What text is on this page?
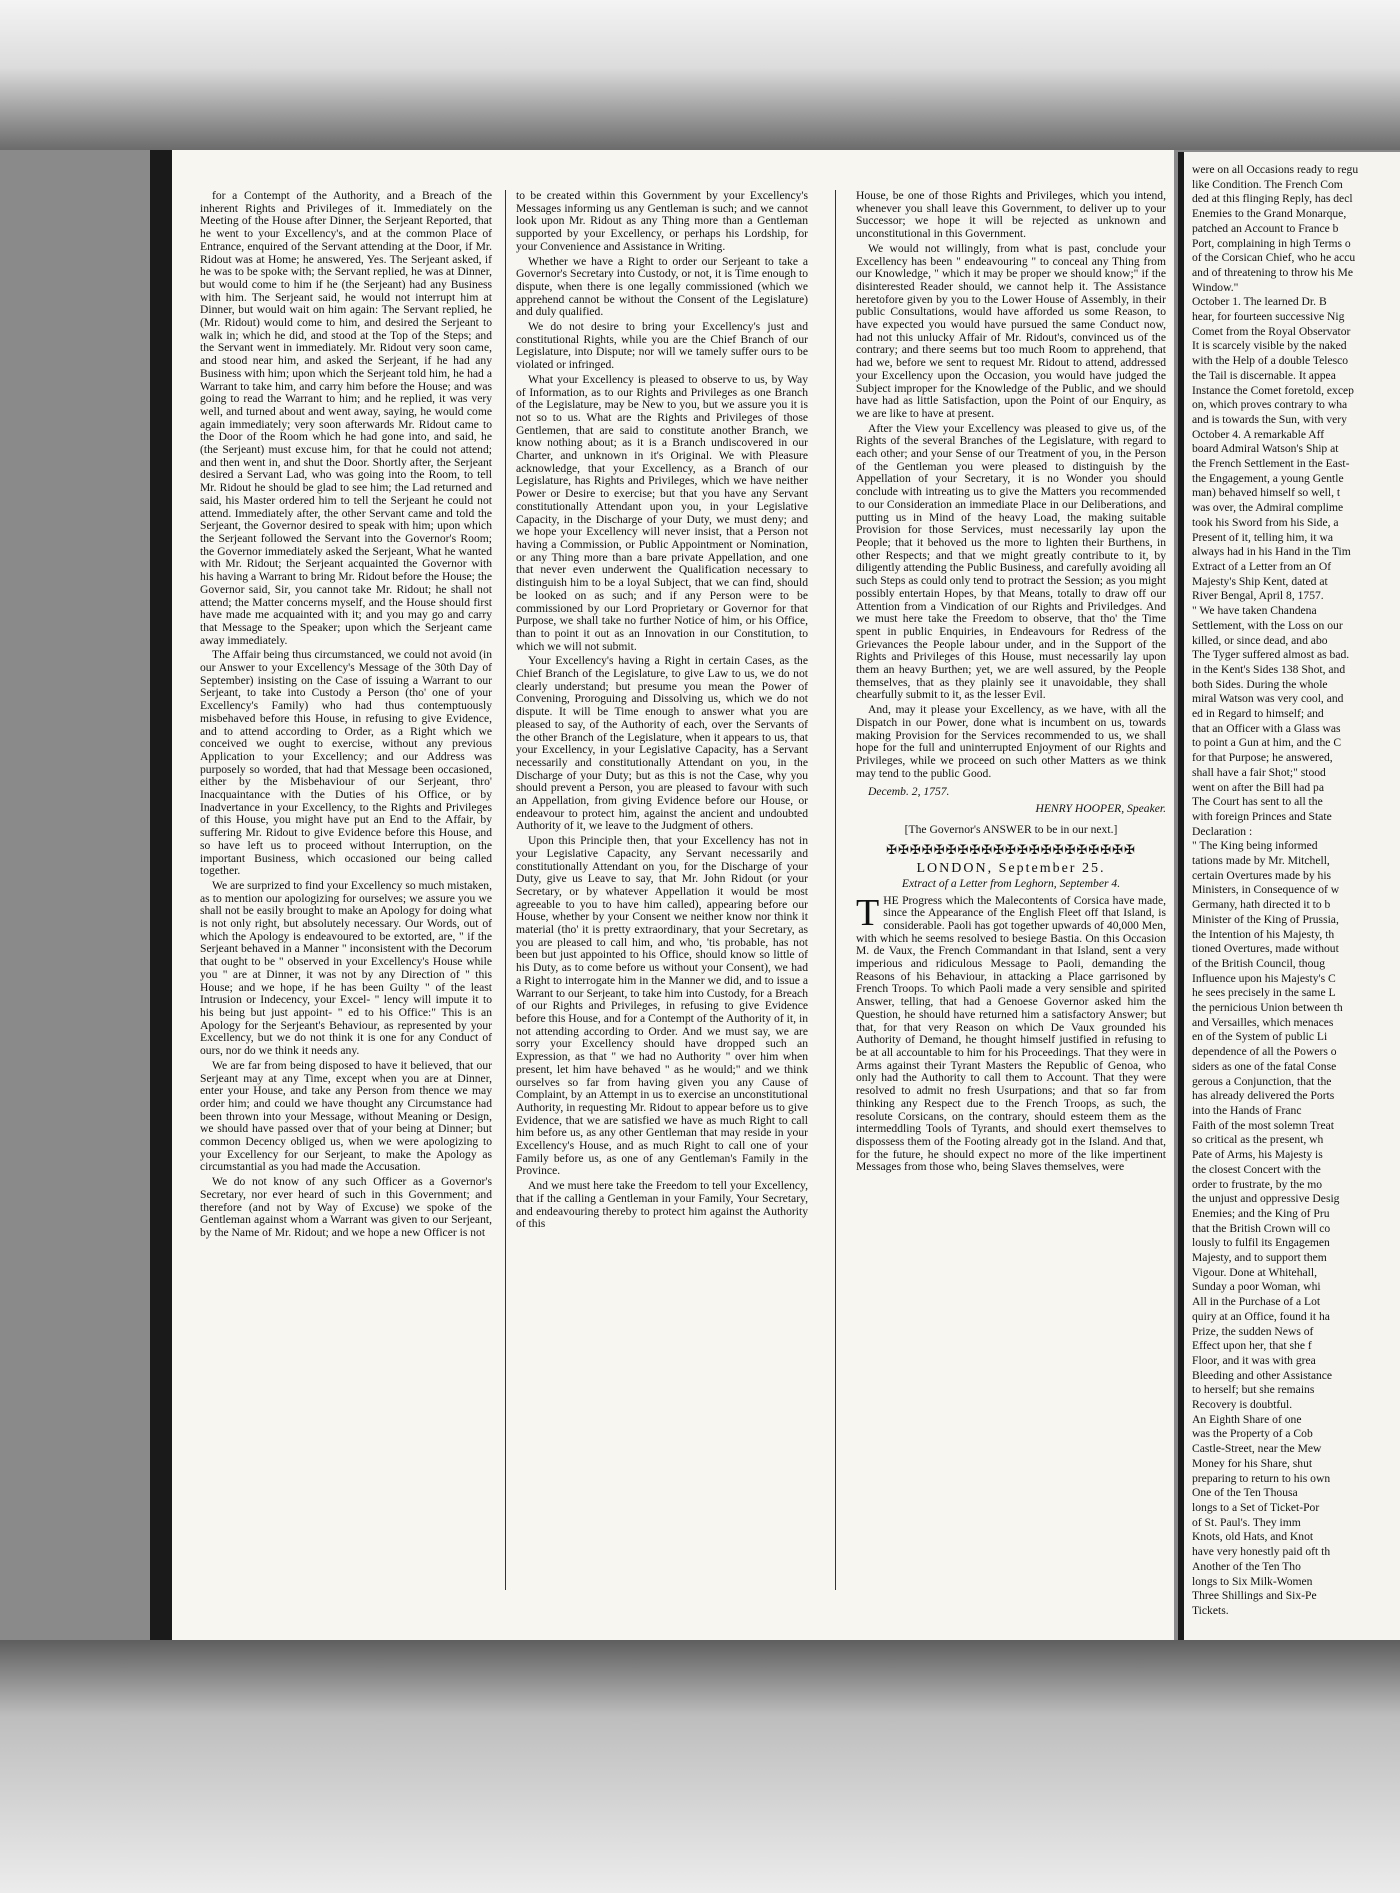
for a Contempt of the Authority, and a Breach of the inherent Rights and Privileges of it. Immediately on the Meeting of the House after Dinner, the Serjeant Reported, that he went to your Excellency's, and at the common Place of Entrance, enquired of the Servant attending at the Door, if Mr. Ridout was at Home; he answered, Yes. The Serjeant asked, if he was to be spoke with; the Servant replied, he was at Dinner, but would come to him if he (the Serjeant) had any Business with him. The Serjeant said, he would not interrupt him at Dinner, but would wait on him again: The Servant replied, he (Mr. Ridout) would come to him, and desired the Serjeant to walk in; which he did, and stood at the Top of the Steps; and the Servant went in immediately. Mr. Ridout very soon came, and stood near him, and asked the Serjeant, if he had any Business with him; upon which the Serjeant told him, he had a Warrant to take him, and carry him before the House; and was going to read the Warrant to him; and he replied, it was very well, and turned about and went away, saying, he would come again immediately; very soon afterwards Mr. Ridout came to the Door of the Room which he had gone into, and said, he (the Serjeant) must excuse him, for that he could not attend; and then went in, and shut the Door. Shortly after, the Serjeant desired a Servant Lad, who was going into the Room, to tell Mr. Ridout he should be glad to see him; the Lad returned and said, his Master ordered him to tell the Serjeant he could not attend. Immediately after, the other Servant came and told the Serjeant, the Governor desired to speak with him; upon which the Serjeant followed the Servant into the Governor's Room; the Governor immediately asked the Serjeant, What he wanted with Mr. Ridout; the Serjeant acquainted the Governor with his having a Warrant to bring Mr. Ridout before the House; the Governor said, Sir, you cannot take Mr. Ridout; he shall not attend; the Matter concerns myself, and the House should first have made me acquainted with it; and you may go and carry that Message to the Speaker; upon which the Serjeant came away immediately.

The Affair being thus circumstanced, we could not avoid (in our Answer to your Excellency's Message of the 30th Day of September) insisting on the Case of issuing a Warrant to our Serjeant, to take into Custody a Person (tho' one of your Excellency's Family) who had thus contemptuously misbehaved before this House, in refusing to give Evidence, and to attend according to Order, as a Right which we conceived we ought to exercise, without any previous Application to your Excellency; and our Address was purposely so worded, that had that Message been occasioned, either by the Misbehaviour of our Serjeant, thro' Inacquaintance with the Duties of his Office, or by Inadvertance in your Excellency, to the Rights and Privileges of this House, you might have put an End to the Affair, by suffering Mr. Ridout to give Evidence before this House, and so have left us to proceed without Interruption, on the important Business, which occasioned our being called together.

We are surprized to find your Excellency so much mistaken, as to mention our apologizing for ourselves; we assure you we shall not be easily brought to make an Apology for doing what is not only right, but absolutely necessary. Our Words, out of which the Apology is endeavoured to be extorted, are, " if the Serjeant behaved in a Manner " inconsistent with the Decorum that ought to be " observed in your Excellency's House while you " are at Dinner, it was not by any Direction of " this House; and we hope, if he has been Guilty " of the least Intrusion or Indecency, your Excel- " lency will impute it to his being but just appoint- " ed to his Office:" This is an Apology for the Serjeant's Behaviour, as represented by your Excellency, but we do not think it is one for any Conduct of ours, nor do we think it needs any.

We are far from being disposed to have it believed, that our Serjeant may at any Time, except when you are at Dinner, enter your House, and take any Person from thence we may order him; and could we have thought any Circumstance had been thrown into your Message, without Meaning or Design, we should have passed over that of your being at Dinner; but common Decency obliged us, when we were apologizing to your Excellency for our Serjeant, to make the Apology as circumstantial as you had made the Accusation.

We do not know of any such Officer as a Governor's Secretary, nor ever heard of such in this Government; and therefore (and not by Way of Excuse) we spoke of the Gentleman against whom a Warrant was given to our Serjeant, by the Name of Mr. Ridout; and we hope a new Officer is not

to be created within this Government by your Excellency's Messages informing us any Gentleman is such; and we cannot look upon Mr. Ridout as any Thing more than a Gentleman supported by your Excellency, or perhaps his Lordship, for your Convenience and Assistance in Writing.

Whether we have a Right to order our Serjeant to take a Governor's Secretary into Custody, or not, it is Time enough to dispute, when there is one legally commissioned (which we apprehend cannot be without the Consent of the Legislature) and duly qualified.

We do not desire to bring your Excellency's just and constitutional Rights, while you are the Chief Branch of our Legislature, into Dispute; nor will we tamely suffer ours to be violated or infringed.

What your Excellency is pleased to observe to us, by Way of Information, as to our Rights and Privileges as one Branch of the Legislature, may be New to you, but we assure you it is not so to us. What are the Rights and Privileges of those Gentlemen, that are said to constitute another Branch, we know nothing about; as it is a Branch undiscovered in our Charter, and unknown in it's Original. We with Pleasure acknowledge, that your Excellency, as a Branch of our Legislature, has Rights and Privileges, which we have neither Power or Desire to exercise; but that you have any Servant constitutionally Attendant upon you, in your Legislative Capacity, in the Discharge of your Duty, we must deny; and we hope your Excellency will never insist, that a Person not having a Commission, or Public Appointment or Nomination, or any Thing more than a bare private Appellation, and one that never even underwent the Qualification necessary to distinguish him to be a loyal Subject, that we can find, should be looked on as such; and if any Person were to be commissioned by our Lord Proprietary or Governor for that Purpose, we shall take no further Notice of him, or his Office, than to point it out as an Innovation in our Constitution, to which we will not submit.

Your Excellency's having a Right in certain Cases, as the Chief Branch of the Legislature, to give Law to us, we do not clearly understand; but presume you mean the Power of Convening, Proroguing and Dissolving us, which we do not dispute. It will be Time enough to answer what you are pleased to say, of the Authority of each, over the Servants of the other Branch of the Legislature, when it appears to us, that your Excellency, in your Legislative Capacity, has a Servant necessarily and constitutionally Attendant on you, in the Discharge of your Duty; but as this is not the Case, why you should prevent a Person, you are pleased to favour with such an Appellation, from giving Evidence before our House, or endeavour to protect him, against the ancient and undoubted Authority of it, we leave to the Judgment of others.

Upon this Principle then, that your Excellency has not in your Legislative Capacity, any Servant necessarily and constitutionally Attendant on you, for the Discharge of your Duty, give us Leave to say, that Mr. John Ridout (or your Secretary, or by whatever Appellation it would be most agreeable to you to have him called), appearing before our House, whether by your Consent we neither know nor think it material (tho' it is pretty extraordinary, that your Secretary, as you are pleased to call him, and who, 'tis probable, has not been but just appointed to his Office, should know so little of his Duty, as to come before us without your Consent), we had a Right to interrogate him in the Manner we did, and to issue a Warrant to our Serjeant, to take him into Custody, for a Breach of our Rights and Privileges, in refusing to give Evidence before this House, and for a Contempt of the Authority of it, in not attending according to Order. And we must say, we are sorry your Excellency should have dropped such an Expression, as that " we had no Authority " over him when present, let him have behaved " as he would;" and we think ourselves so far from having given you any Cause of Complaint, by an Attempt in us to exercise an unconstitutional Authority, in requesting Mr. Ridout to appear before us to give Evidence, that we are satisfied we have as much Right to call him before us, as any other Gentleman that may reside in your Excellency's House, and as much Right to call one of your Family before us, as one of any Gentleman's Family in the Province.

And we must here take the Freedom to tell your Excellency, that if the calling a Gentleman in your Family, Your Secretary, and endeavouring thereby to protect him against the Authority of this

House, be one of those Rights and Privileges, which you intend, whenever you shall leave this Government, to deliver up to your Successor; we hope it will be rejected as unknown and unconstitutional in this Government.

We would not willingly, from what is past, conclude your Excellency has been " endeavouring " to conceal any Thing from our Knowledge, " which it may be proper we should know;" if the disinterested Reader should, we cannot help it. The Assistance heretofore given by you to the Lower House of Assembly, in their public Consultations, would have afforded us some Reason, to have expected you would have pursued the same Conduct now, had not this unlucky Affair of Mr. Ridout's, convinced us of the contrary; and there seems but too much Room to apprehend, that had we, before we sent to request Mr. Ridout to attend, addressed your Excellency upon the Occasion, you would have judged the Subject improper for the Knowledge of the Public, and we should have had as little Satisfaction, upon the Point of our Enquiry, as we are like to have at present.

After the View your Excellency was pleased to give us, of the Rights of the several Branches of the Legislature, with regard to each other; and your Sense of our Treatment of you, in the Person of the Gentleman you were pleased to distinguish by the Appellation of your Secretary, it is no Wonder you should conclude with intreating us to give the Matters you recommended to our Consideration an immediate Place in our Deliberations, and putting us in Mind of the heavy Load, the making suitable Provision for those Services, must necessarily lay upon the People; that it behoved us the more to lighten their Burthens, in other Respects; and that we might greatly contribute to it, by diligently attending the Public Business, and carefully avoiding all such Steps as could only tend to protract the Session; as you might possibly entertain Hopes, by that Means, totally to draw off our Attention from a Vindication of our Rights and Priviledges. And we must here take the Freedom to observe, that tho' the Time spent in public Enquiries, in Endeavours for Redress of the Grievances the People labour under, and in the Support of the Rights and Privileges of this House, must necessarily lay upon them an heavy Burthen; yet, we are well assured, by the People themselves, that as they plainly see it unavoidable, they shall chearfully submit to it, as the lesser Evil.

And, may it please your Excellency, as we have, with all the Dispatch in our Power, done what is incumbent on us, towards making Provision for the Services recommended to us, we shall hope for the full and uninterrupted Enjoyment of our Rights and Privileges, while we proceed on such other Matters as we think may tend to the public Good.

Decemb. 2, 1757.
HENRY HOOPER, Speaker.
[The Governor's ANSWER to be in our next.]
✠✠✠✠✠✠✠✠✠✠✠✠✠✠✠✠✠✠✠✠✠
LONDON, September 25.
Extract of a Letter from Leghorn, September 4.

THE Progress which the Malecontents of Corsica have made, since the Appearance of the English Fleet off that Island, is considerable. Paoli has got together upwards of 40,000 Men, with which he seems resolved to besiege Bastia. On this Occasion M. de Vaux, the French Commandant in that Island, sent a very imperious and ridiculous Message to Paoli, demanding the Reasons of his Behaviour, in attacking a Place garrisoned by French Troops. To which Paoli made a very sensible and spirited Answer, telling, that had a Genoese Governor asked him the Question, he should have returned him a satisfactory Answer; but that, for that very Reason on which De Vaux grounded his Authority of Demand, he thought himself justified in refusing to be at all accountable to him for his Proceedings. That they were in Arms against their Tyrant Masters the Republic of Genoa, who only had the Authority to call them to Account. That they were resolved to admit no fresh Usurpations; and that so far from thinking any Respect due to the French Troops, as such, the resolute Corsicans, on the contrary, should esteem them as the intermeddling Tools of Tyrants, and should exert themselves to dispossess them of the Footing already got in the Island. And that, for the future, he should expect no more of the like impertinent Messages from those who, being Slaves themselves, were

were on all Occasions ready to regu

like Condition. The French Com

ded at this flinging Reply, has decl

Enemies to the Grand Monarque,

patched an Account to France b

Port, complaining in high Terms o

of the Corsican Chief, who he accu

and of threatening to throw his Me

Window."

October 1. The learned Dr. B

hear, for fourteen successive Nig

Comet from the Royal Observator

It is scarcely visible by the naked

with the Help of a double Telesco

the Tail is discernable. It appea

Instance the Comet foretold, excep

on, which proves contrary to wha

and is towards the Sun, with very

October 4. A remarkable Aff

board Admiral Watson's Ship at

the French Settlement in the East-

the Engagement, a young Gentle

man) behaved himself so well, t

was over, the Admiral complime

took his Sword from his Side, a

Present of it, telling him, it wa

always had in his Hand in the Tim

Extract of a Letter from an Of

Majesty's Ship Kent, dated at

River Bengal, April 8, 1757.

" We have taken Chandena

Settlement, with the Loss on our

killed, or since dead, and abo

The Tyger suffered almost as bad.

in the Kent's Sides 138 Shot, and

both Sides. During the whole

miral Watson was very cool, and

ed in Regard to himself; and

that an Officer with a Glass was

to point a Gun at him, and the C

for that Purpose; he answered,

shall have a fair Shot;" stood

went on after the Bill had pa

The Court has sent to all the

with foreign Princes and State

Declaration :

" The King being informed

tations made by Mr. Mitchell,

certain Overtures made by his

Ministers, in Consequence of w

Germany, hath directed it to b

Minister of the King of Prussia,

the Intention of his Majesty, th

tioned Overtures, made without

of the British Council, thoug

Influence upon his Majesty's C

he sees precisely in the same L

the pernicious Union between th

and Versailles, which menaces

en of the System of public Li

dependence of all the Powers o

siders as one of the fatal Conse

gerous a Conjunction, that the

has already delivered the Ports

into the Hands of Franc

Faith of the most solemn Treat

so critical as the present, wh

Pate of Arms, his Majesty is

the closest Concert with the

order to frustrate, by the mo

the unjust and oppressive Desig

Enemies; and the King of Pru

that the British Crown will co

lously to fulfil its Engagemen

Majesty, and to support them

Vigour. Done at Whitehall,

Sunday a poor Woman, whi

All in the Purchase of a Lot

quiry at an Office, found it ha

Prize, the sudden News of

Effect upon her, that she f

Floor, and it was with grea

Bleeding and other Assistance

to herself; but she remains

Recovery is doubtful.

An Eighth Share of one

was the Property of a Cob

Castle-Street, near the Mew

Money for his Share, shut

preparing to return to his own

One of the Ten Thousa

longs to a Set of Ticket-Por

of St. Paul's. They imm

Knots, old Hats, and Knot

have very honestly paid oft th

Another of the Ten Tho

longs to Six Milk-Women

Three Shillings and Six-Pe

Tickets.
